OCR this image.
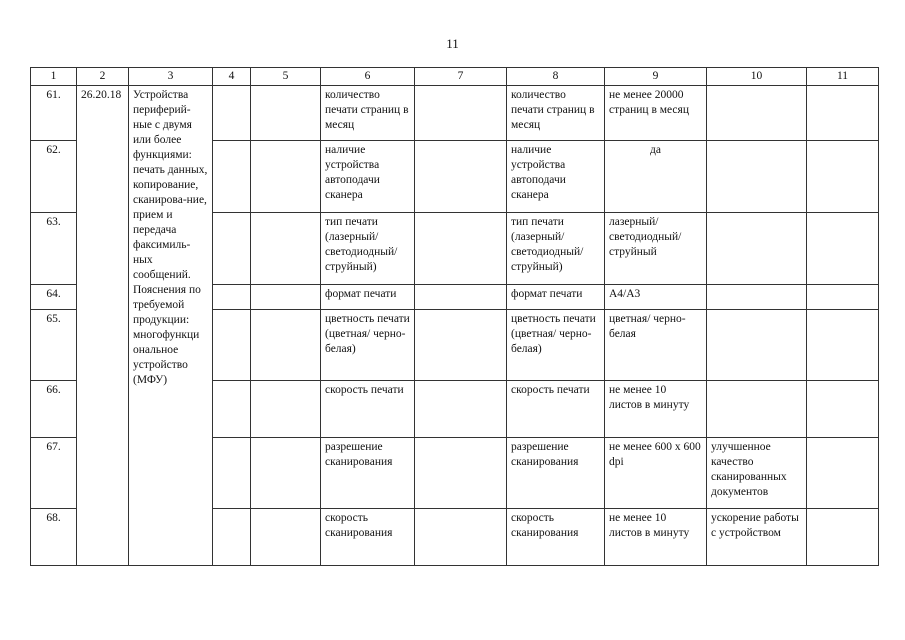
11
1	2	3	4	5	6	7	8	9	10	11
61.	26.20.18	Устройства периферий-ные с двумя или более функциями: печать данных, копирование, сканирова-ние, прием и передача факсимиль-ных сообщений. Пояснения по требуемой продукции: многофункци ональное устройство (МФУ)			количество печати страниц в месяц		количество печати страниц в месяц	не менее 20000 страниц в месяц		
62.					наличие устройства автоподачи сканера		наличие устройства автоподачи сканера	да		
63.					тип печати (лазерный/ светодиодный/ струйный)		тип печати (лазерный/ светодиодный/ струйный)	лазерный/ светодиодный/ струйный		
64.					формат печати		формат печати	А4/А3		
65.					цветность печати (цветная/ черно-белая)		цветность печати (цветная/ черно-белая)	цветная/ черно-белая		
66.					скорость печати		скорость печати	не менее 10 листов в минуту		
67.					разрешение сканирования		разрешение сканирования	не менее 600 х 600 dpi	улучшенное качество сканированных документов	
68.					скорость сканирования		скорость сканирования	не менее 10 листов в минуту	ускорение работы с устройством	
